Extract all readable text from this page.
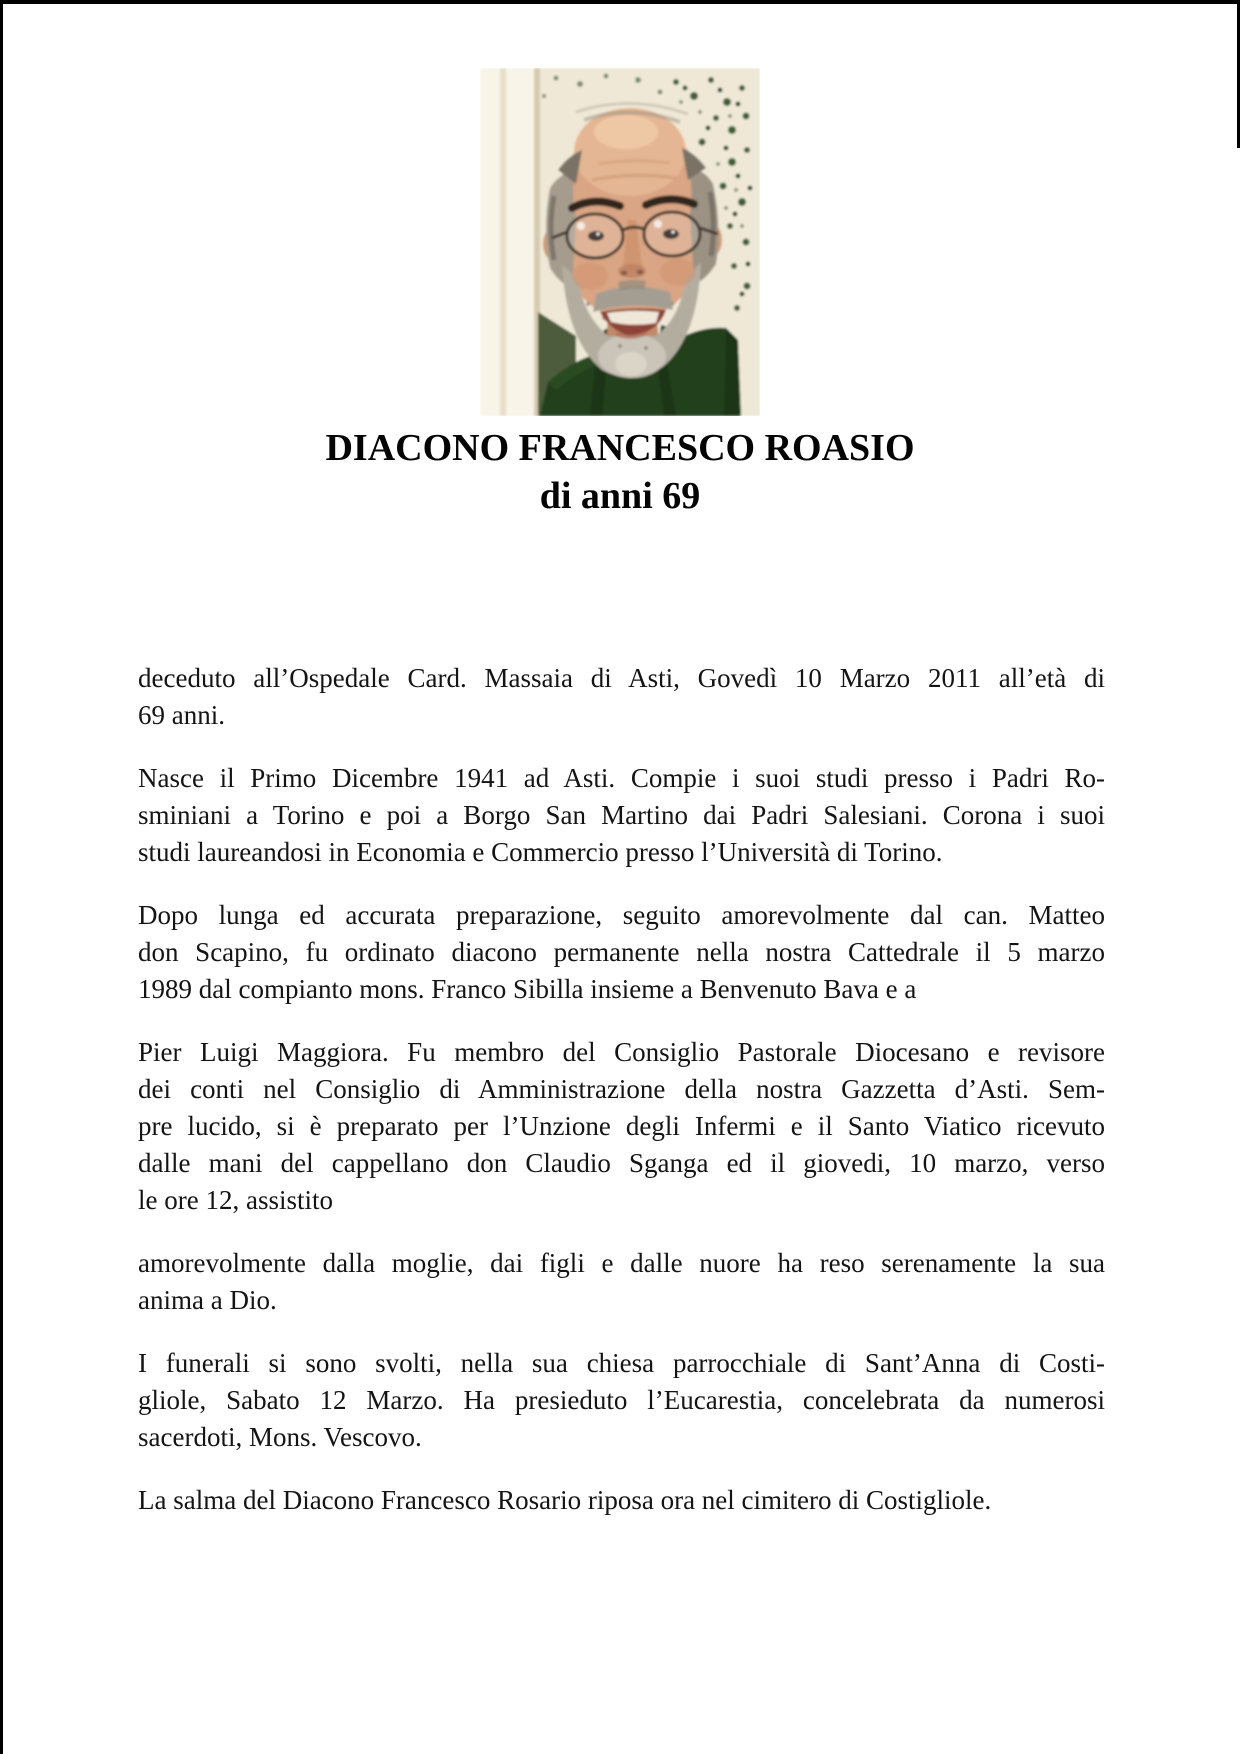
DIACONO FRANCESCO ROASIO
di anni 69
deceduto all’Ospedale Card. Massaia di Asti, Govedì 10 Marzo 2011 all’età di
69 anni.
Nasce il Primo Dicembre 1941 ad Asti. Compie i suoi studi presso i Padri Ro-
sminiani a Torino e poi a Borgo San Martino dai Padri Salesiani. Corona i suoi
studi laureandosi in Economia e Commercio presso l’Università di Torino.
Dopo lunga ed accurata preparazione, seguito amorevolmente dal can. Matteo
don Scapino, fu ordinato diacono permanente nella nostra Cattedrale il 5 marzo
1989 dal compianto mons. Franco Sibilla insieme a Benvenuto Bava e a
Pier Luigi Maggiora. Fu membro del Consiglio Pastorale Diocesano e revisore
dei conti nel Consiglio di Amministrazione della nostra Gazzetta d’Asti. Sem-
pre lucido, si è preparato per l’Unzione degli Infermi e il Santo Viatico ricevuto
dalle mani del cappellano don Claudio Sganga ed il giovedi, 10 marzo, verso
le ore 12, assistito
amorevolmente dalla moglie, dai figli e dalle nuore ha reso serenamente la sua
anima a Dio.
I funerali si sono svolti, nella sua chiesa parrocchiale di Sant’Anna di Costi-
gliole, Sabato 12 Marzo. Ha presieduto l’Eucarestia, concelebrata da numerosi
sacerdoti, Mons. Vescovo.
La salma del Diacono Francesco Rosario riposa ora nel cimitero di Costigliole.
